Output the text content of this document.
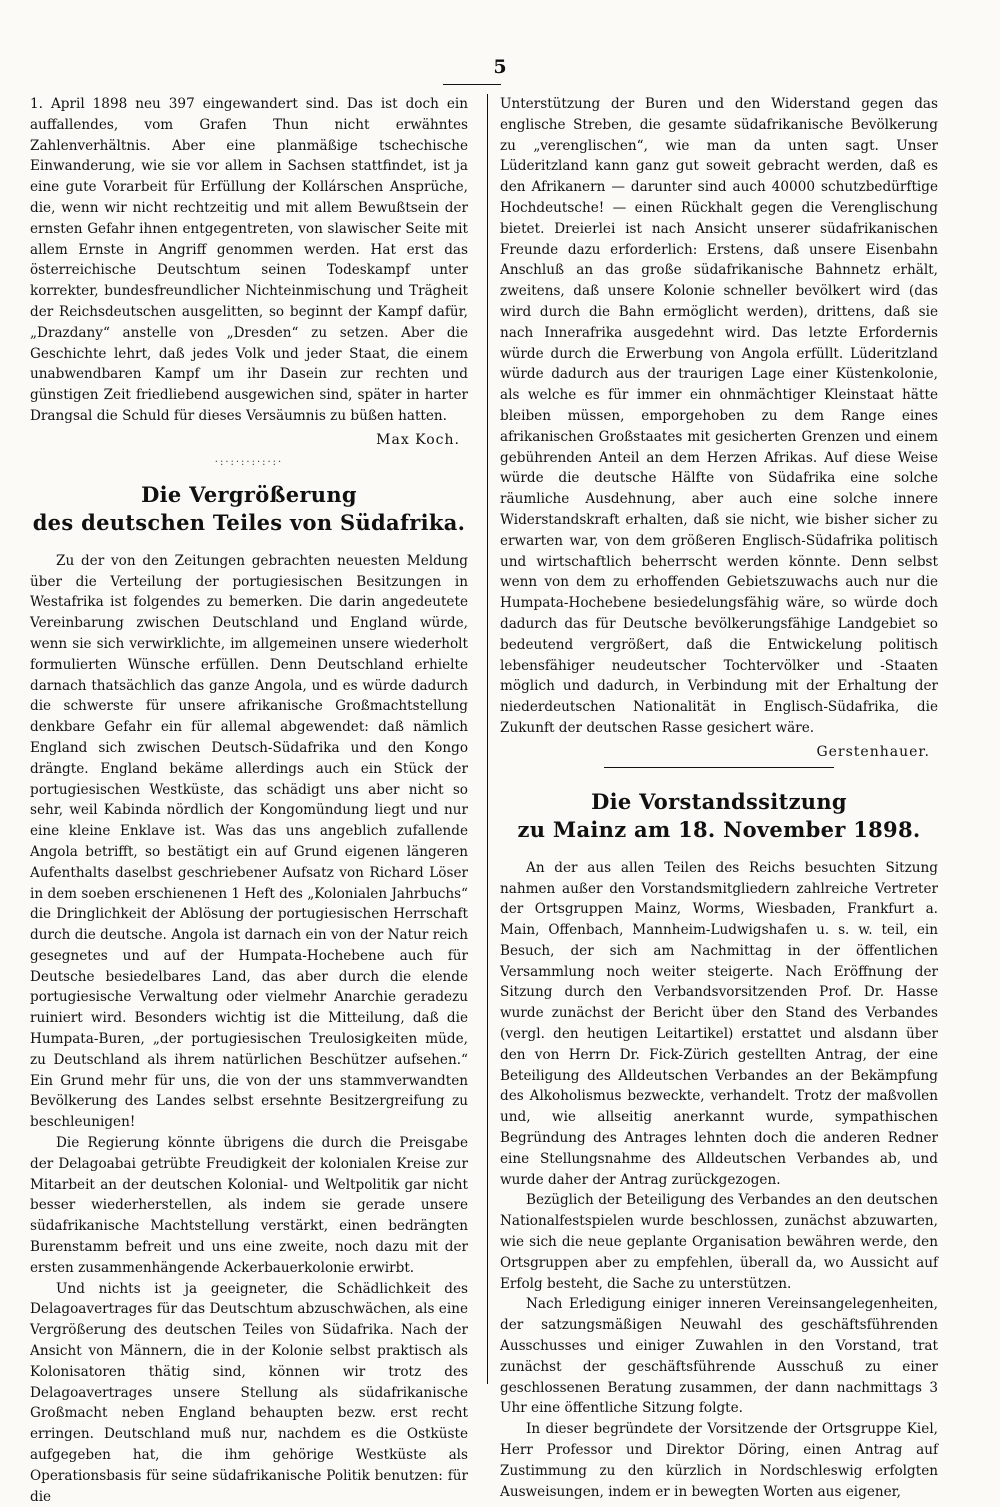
5

1. April 1898 neu 397 eingewandert sind. Das ist doch ein auffallendes, vom Grafen Thun nicht erwähntes Zahlenverhältnis. Aber eine planmäßige tschechische Einwanderung, wie sie vor allem in Sachsen stattfindet, ist ja eine gute Vorarbeit für Erfüllung der Kollárschen Ansprüche, die, wenn wir nicht rechtzeitig und mit allem Bewußtsein der ernsten Gefahr ihnen entgegentreten, von slawischer Seite mit allem Ernste in Angriff genommen werden. Hat erst das österreichische Deutschtum seinen Todeskampf unter korrekter, bundesfreundlicher Nichteinmischung und Trägheit der Reichsdeutschen ausgelitten, so beginnt der Kampf dafür, „Drazdany“ anstelle von „Dresden“ zu setzen. Aber die Geschichte lehrt, daß jedes Volk und jeder Staat, die einem unabwendbaren Kampf um ihr Dasein zur rechten und günstigen Zeit friedliebend ausgewichen sind, später in harter Drangsal die Schuld für dieses Versäumnis zu büßen hatten.

Max Koch.
·:·:·:·:·:·:·
Die Vergrößerung
des deutschen Teiles von Südafrika.

Zu der von den Zeitungen gebrachten neuesten Meldung über die Verteilung der portugiesischen Besitzungen in Westafrika ist folgendes zu bemerken. Die darin angedeutete Vereinbarung zwischen Deutschland und England würde, wenn sie sich verwirklichte, im allgemeinen unsere wiederholt formulierten Wünsche erfüllen. Denn Deutschland erhielte darnach thatsächlich das ganze Angola, und es würde dadurch die schwerste für unsere afrikanische Großmachtstellung denkbare Gefahr ein für allemal abgewendet: daß nämlich England sich zwischen Deutsch-Südafrika und den Kongo drängte. England bekäme allerdings auch ein Stück der portugiesischen Westküste, das schädigt uns aber nicht so sehr, weil Kabinda nördlich der Kongomündung liegt und nur eine kleine Enklave ist. Was das uns angeblich zufallende Angola betrifft, so bestätigt ein auf Grund eigenen längeren Aufenthalts daselbst geschriebener Aufsatz von Richard Löser in dem soeben erschienenen 1 Heft des „Kolonialen Jahrbuchs“ die Dringlichkeit der Ablösung der portugiesischen Herrschaft durch die deutsche. Angola ist darnach ein von der Natur reich gesegnetes und auf der Humpata-Hochebene auch für Deutsche besiedelbares Land, das aber durch die elende portugiesische Verwaltung oder vielmehr Anarchie geradezu ruiniert wird. Besonders wichtig ist die Mitteilung, daß die Humpata-Buren, „der portugiesischen Treulosigkeiten müde, zu Deutschland als ihrem natürlichen Beschützer aufsehen.“ Ein Grund mehr für uns, die von der uns stammverwandten Bevölkerung des Landes selbst ersehnte Besitzergreifung zu beschleunigen!

Die Regierung könnte übrigens die durch die Preisgabe der Delagoabai getrübte Freudigkeit der kolonialen Kreise zur Mitarbeit an der deutschen Kolonial- und Weltpolitik gar nicht besser wiederherstellen, als indem sie gerade unsere südafrikanische Machtstellung verstärkt, einen bedrängten Burenstamm befreit und uns eine zweite, noch dazu mit der ersten zusammenhängende Ackerbauerkolonie erwirbt.

Und nichts ist ja geeigneter, die Schädlichkeit des Delagoavertrages für das Deutschtum abzuschwächen, als eine Vergrößerung des deutschen Teiles von Südafrika. Nach der Ansicht von Männern, die in der Kolonie selbst praktisch als Kolonisatoren thätig sind, können wir trotz des Delagoavertrages unsere Stellung als südafrikanische Großmacht neben England behaupten bezw. erst recht erringen. Deutschland muß nur, nachdem es die Ostküste aufgegeben hat, die ihm gehörige Westküste als Operationsbasis für seine südafrikanische Politik benutzen: für die

Unterstützung der Buren und den Widerstand gegen das englische Streben, die gesamte südafrikanische Bevölkerung zu „verenglischen“, wie man da unten sagt. Unser Lüderitzland kann ganz gut soweit gebracht werden, daß es den Afrikanern — darunter sind auch 40000 schutzbedürftige Hochdeutsche! — einen Rückhalt gegen die Verenglischung bietet. Dreierlei ist nach Ansicht unserer südafrikanischen Freunde dazu erforderlich: Erstens, daß unsere Eisenbahn Anschluß an das große südafrikanische Bahnnetz erhält, zweitens, daß unsere Kolonie schneller bevölkert wird (das wird durch die Bahn ermöglicht werden), drittens, daß sie nach Innerafrika ausgedehnt wird. Das letzte Erfordernis würde durch die Erwerbung von Angola erfüllt. Lüderitzland würde dadurch aus der traurigen Lage einer Küstenkolonie, als welche es für immer ein ohnmächtiger Kleinstaat hätte bleiben müssen, emporgehoben zu dem Range eines afrikanischen Großstaates mit gesicherten Grenzen und einem gebührenden Anteil an dem Herzen Afrikas. Auf diese Weise würde die deutsche Hälfte von Südafrika eine solche räumliche Ausdehnung, aber auch eine solche innere Widerstandskraft erhalten, daß sie nicht, wie bisher sicher zu erwarten war, von dem größeren Englisch-Südafrika politisch und wirtschaftlich beherrscht werden könnte. Denn selbst wenn von dem zu erhoffenden Gebietszuwachs auch nur die Humpata-Hochebene besiedelungsfähig wäre, so würde doch dadurch das für Deutsche bevölkerungsfähige Landgebiet so bedeutend vergrößert, daß die Entwickelung politisch lebensfähiger neudeutscher Tochtervölker und -Staaten möglich und dadurch, in Verbindung mit der Erhaltung der niederdeutschen Nationalität in Englisch-Südafrika, die Zukunft der deutschen Rasse gesichert wäre.

Gerstenhauer.
Die Vorstandssitzung
zu Mainz am 18. November 1898.

An der aus allen Teilen des Reichs besuchten Sitzung nahmen außer den Vorstandsmitgliedern zahlreiche Vertreter der Ortsgruppen Mainz, Worms, Wiesbaden, Frankfurt a. Main, Offenbach, Mannheim-Ludwigshafen u. s. w. teil, ein Besuch, der sich am Nachmittag in der öffentlichen Versammlung noch weiter steigerte. Nach Eröffnung der Sitzung durch den Verbandsvorsitzenden Prof. Dr. Hasse wurde zunächst der Bericht über den Stand des Verbandes (vergl. den heutigen Leitartikel) erstattet und alsdann über den von Herrn Dr. Fick-Zürich gestellten Antrag, der eine Beteiligung des Alldeutschen Verbandes an der Bekämpfung des Alkoholismus bezweckte, verhandelt. Trotz der maßvollen und, wie allseitig anerkannt wurde, sympathischen Begründung des Antrages lehnten doch die anderen Redner eine Stellungsnahme des Alldeutschen Verbandes ab, und wurde daher der Antrag zurückgezogen.

Bezüglich der Beteiligung des Verbandes an den deutschen Nationalfestspielen wurde beschlossen, zunächst abzuwarten, wie sich die neue geplante Organisation bewähren werde, den Ortsgruppen aber zu empfehlen, überall da, wo Aussicht auf Erfolg besteht, die Sache zu unterstützen.

Nach Erledigung einiger inneren Vereinsangelegenheiten, der satzungsmäßigen Neuwahl des geschäftsführenden Ausschusses und einiger Zuwahlen in den Vorstand, trat zunächst der geschäftsführende Ausschuß zu einer geschlossenen Beratung zusammen, der dann nachmittags 3 Uhr eine öffentliche Sitzung folgte.

In dieser begründete der Vorsitzende der Ortsgruppe Kiel, Herr Professor und Direktor Döring, einen Antrag auf Zustimmung zu den kürzlich in Nordschleswig erfolgten Ausweisungen, indem er in bewegten Worten aus eigener,
